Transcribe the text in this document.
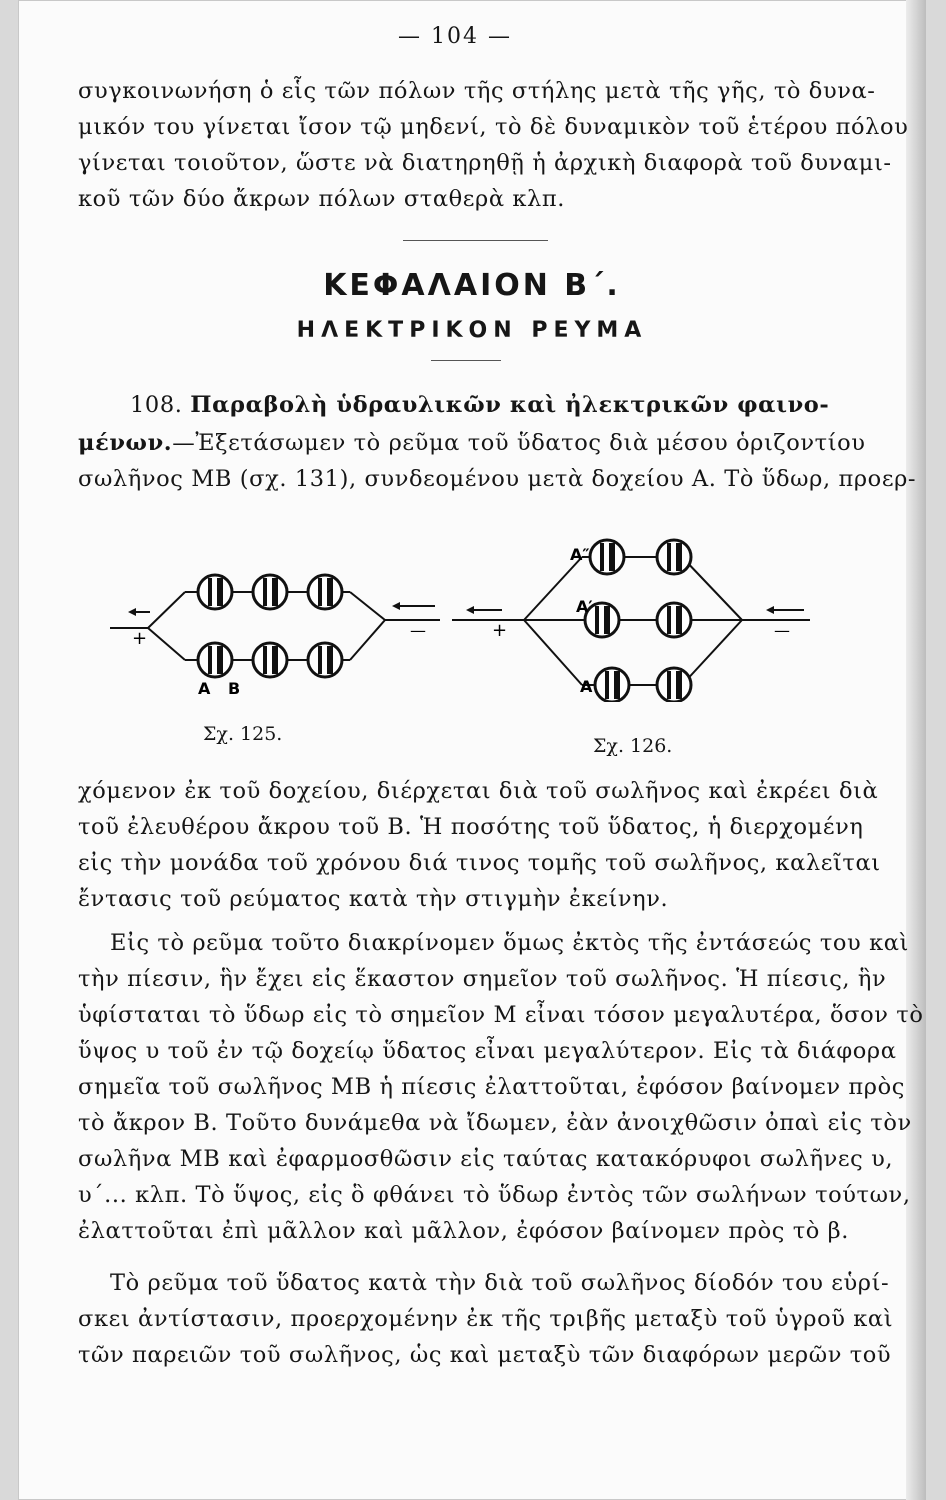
— 104 —
συγκοινωνήση ὁ εἷς τῶν πόλων τῆς στήλης μετὰ τῆς γῆς, τὸ δυνα-
μικόν του γίνεται ἴσον τῷ μηδενί, τὸ δὲ δυναμικὸν τοῦ ἑτέρου πόλου
γίνεται τοιοῦτον, ὥστε νὰ διατηρηθῇ ἡ ἀρχικὴ διαφορὰ τοῦ δυναμι-
κοῦ τῶν δύο ἄκρων πόλων σταθερὰ κλπ.
ΚΕΦΑΛΑΙΟΝ Β΄.
ΗΛΕΚΤΡΙΚΟΝ ΡΕΥΜΑ
108. Παραβολὴ ὑδραυλικῶν καὶ ἠλεκτρικῶν φαινο-
μένων.—Ἐξετάσωμεν τὸ ρεῦμα τοῦ ὕδατος διὰ μέσου ὁριζοντίου
σωλῆνος ΜΒ (σχ. 131), συνδεομένου μετὰ δοχείου Α. Τὸ ὕδωρ, προερ-
+	—
Α Β
Σχ. 125.
+	—
Α″
Α′
Α
Σχ. 126.
χόμενον ἐκ τοῦ δοχείου, διέρχεται διὰ τοῦ σωλῆνος καὶ ἐκρέει διὰ
τοῦ ἐλευθέρου ἄκρου τοῦ Β. Ἡ ποσότης τοῦ ὕδατος, ἡ διερχομένη
εἰς τὴν μονάδα τοῦ χρόνου διά τινος τομῆς τοῦ σωλῆνος, καλεῖται
ἔντασις τοῦ ρεύματος κατὰ τὴν στιγμὴν ἐκείνην.
Εἰς τὸ ρεῦμα τοῦτο διακρίνομεν ὅμως ἐκτὸς τῆς ἐντάσεώς του καὶ
τὴν πίεσιν, ἣν ἔχει εἰς ἕκαστον σημεῖον τοῦ σωλῆνος. Ἡ πίεσις, ἣν
ὑφίσταται τὸ ὕδωρ εἰς τὸ σημεῖον Μ εἶναι τόσον μεγαλυτέρα, ὅσον τὸ
ὕψος υ τοῦ ἐν τῷ δοχείῳ ὕδατος εἶναι μεγαλύτερον. Εἰς τὰ διάφορα
σημεῖα τοῦ σωλῆνος ΜΒ ἡ πίεσις ἐλαττοῦται, ἐφόσον βαίνομεν πρὸς
τὸ ἄκρον Β. Τοῦτο δυνάμεθα νὰ ἴδωμεν, ἐὰν ἀνοιχθῶσιν ὀπαὶ εἰς τὸν
σωλῆνα ΜΒ καὶ ἐφαρμοσθῶσιν εἰς ταύτας κατακόρυφοι σωλῆνες υ,
υ΄... κλπ. Τὸ ὕψος, εἰς ὃ φθάνει τὸ ὕδωρ ἐντὸς τῶν σωλήνων τούτων,
ἐλαττοῦται ἐπὶ μᾶλλον καὶ μᾶλλον, ἐφόσον βαίνομεν πρὸς τὸ β.
Τὸ ρεῦμα τοῦ ὕδατος κατὰ τὴν διὰ τοῦ σωλῆνος δίοδόν του εὑρί-
σκει ἀντίστασιν, προερχομένην ἐκ τῆς τριβῆς μεταξὺ τοῦ ὑγροῦ καὶ
τῶν παρειῶν τοῦ σωλῆνος, ὡς καὶ μεταξὺ τῶν διαφόρων μερῶν τοῦ
